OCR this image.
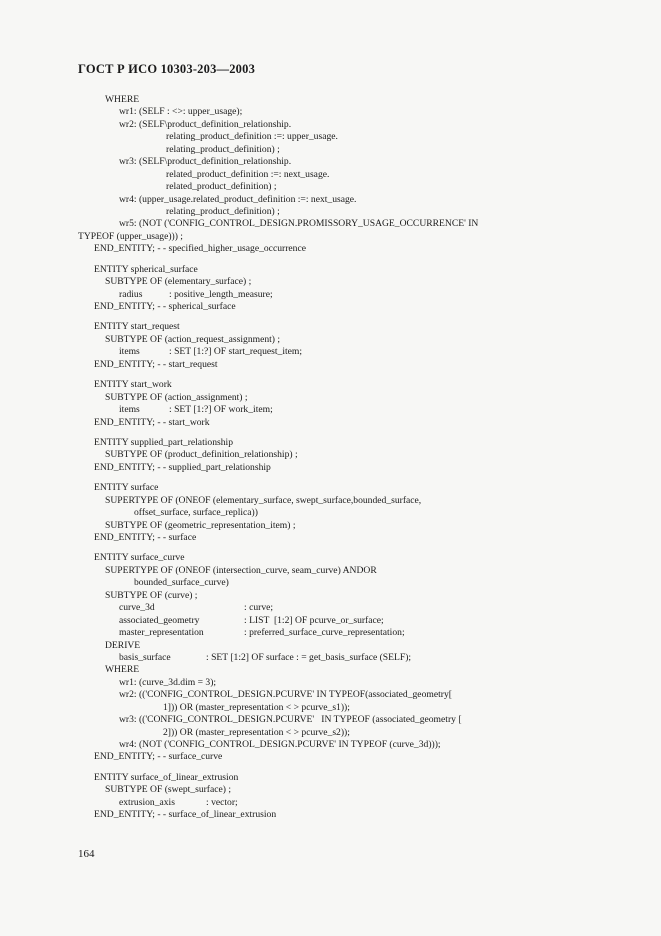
ГОСТ Р ИСО 10303-203—2003
WHERE
wr1: (SELF : <>: upper_usage);
wr2: (SELF\product_definition_relationship.
relating_product_definition :=: upper_usage.
relating_product_definition) ;
wr3: (SELF\product_definition_relationship.
related_product_definition :=: next_usage.
related_product_definition) ;
wr4: (upper_usage.related_product_definition :=: next_usage.
relating_product_definition) ;
wr5: (NOT ('CONFIG_CONTROL_DESIGN.PROMISSORY_USAGE_OCCURRENCE' IN
TYPEOF (upper_usage))) ;
END_ENTITY; - - specified_higher_usage_occurrence
ENTITY spherical_surface
SUBTYPE OF (elementary_surface) ;
radius	: positive_length_measure;
END_ENTITY; - - spherical_surface
ENTITY start_request
SUBTYPE OF (action_request_assignment) ;
items	: SET [1:?] OF start_request_item;
END_ENTITY; - - start_request
ENTITY start_work
SUBTYPE OF (action_assignment) ;
items	: SET [1:?] OF work_item;
END_ENTITY; - - start_work
ENTITY supplied_part_relationship
SUBTYPE OF (product_definition_relationship) ;
END_ENTITY; - - supplied_part_relationship
ENTITY surface
SUPERTYPE OF (ONEOF (elementary_surface, swept_surface,bounded_surface,
offset_surface, surface_replica))
SUBTYPE OF (geometric_representation_item) ;
END_ENTITY; - - surface
ENTITY surface_curve
SUPERTYPE OF (ONEOF (intersection_curve, seam_curve) ANDOR
bounded_surface_curve)
SUBTYPE OF (curve) ;
curve_3d	: curve;
associated_geometry	: LIST  [1:2] OF pcurve_or_surface;
master_representation	: preferred_surface_curve_representation;
DERIVE
basis_surface	: SET [1:2] OF surface : = get_basis_surface (SELF);
WHERE
wr1: (curve_3d.dim = 3);
wr2: (('CONFIG_CONTROL_DESIGN.PCURVE' IN TYPEOF(associated_geometry[
1])) OR (master_representation < > pcurve_s1));
wr3: (('CONFIG_CONTROL_DESIGN.PCURVE'   IN TYPEOF (associated_geometry [
2])) OR (master_representation < > pcurve_s2));
wr4: (NOT ('CONFIG_CONTROL_DESIGN.PCURVE' IN TYPEOF (curve_3d)));
END_ENTITY; - - surface_curve
ENTITY surface_of_linear_extrusion
SUBTYPE OF (swept_surface) ;
extrusion_axis	: vector;
END_ENTITY; - - surface_of_linear_extrusion
164
